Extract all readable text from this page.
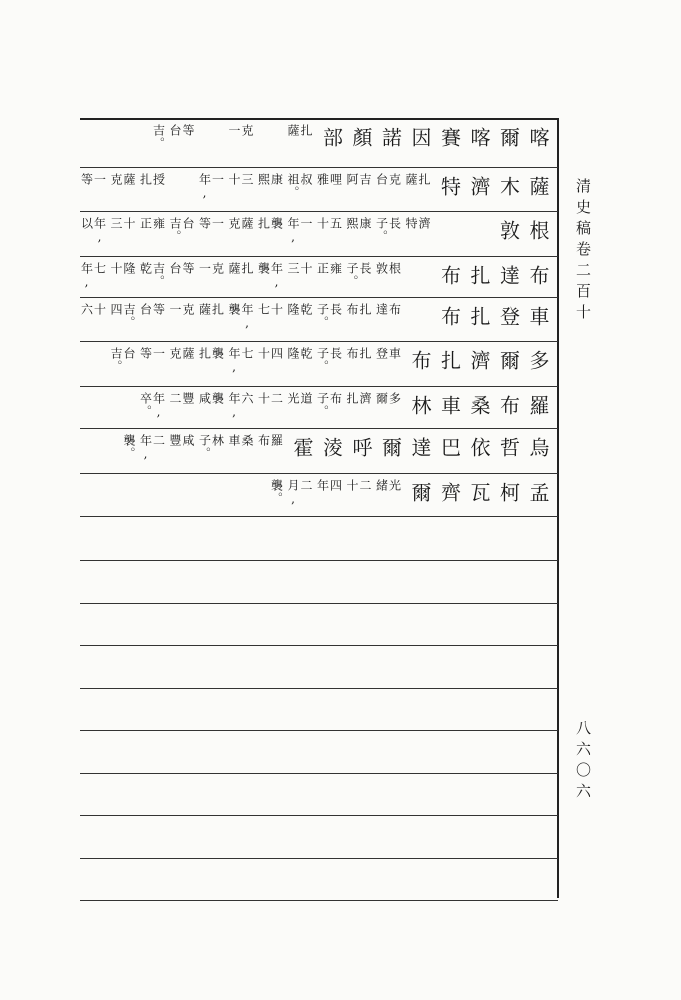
喀
薩
根
布
車
多
羅
烏
孟
爾
木
敦
達
登
爾
布
哲
柯
喀
濟
扎
扎
濟
桑
依
瓦
賽
特
布
布
扎
車
巴
齊
因
扎
薩
濟
特
布
林
達
爾
諾
克
台
長
子。
根
敦
布
達
車
登
多
爾
爾
光
緒
顏
吉
阿
康
熙
長
子。
扎
布
扎
布
濟
扎
呼
二
十
部
哩
雅
五
十
雍
正
長
子。
長
子。
布
子。
淩
四
年
扎
薩
叔
祖。
一
年,
十
三
乾
隆
乾
隆
道
光
霍
二
月,
康
熙
襲
扎
年,
襲
十
七
四
十
二
十
羅
布
襲。
克
一
三
十
薩
克
扎
薩
年,
襲
七
年,
六
年,
桑
車
一
年,
一
等
克
一
扎
薩
襲
扎
襲
咸
林
子。
等
台
台
吉。
等
台
克
一
薩
克
豐
二
咸
豐
吉。
授
扎
雍
正
吉。
乾
等
台
一
等
年,
卒。
二
年,
薩
克
十
三
隆
十
吉。
四
台
吉。
襲。
一
等
年,
以
七
年,
十
六	清史稿卷二百十
八六〇六
